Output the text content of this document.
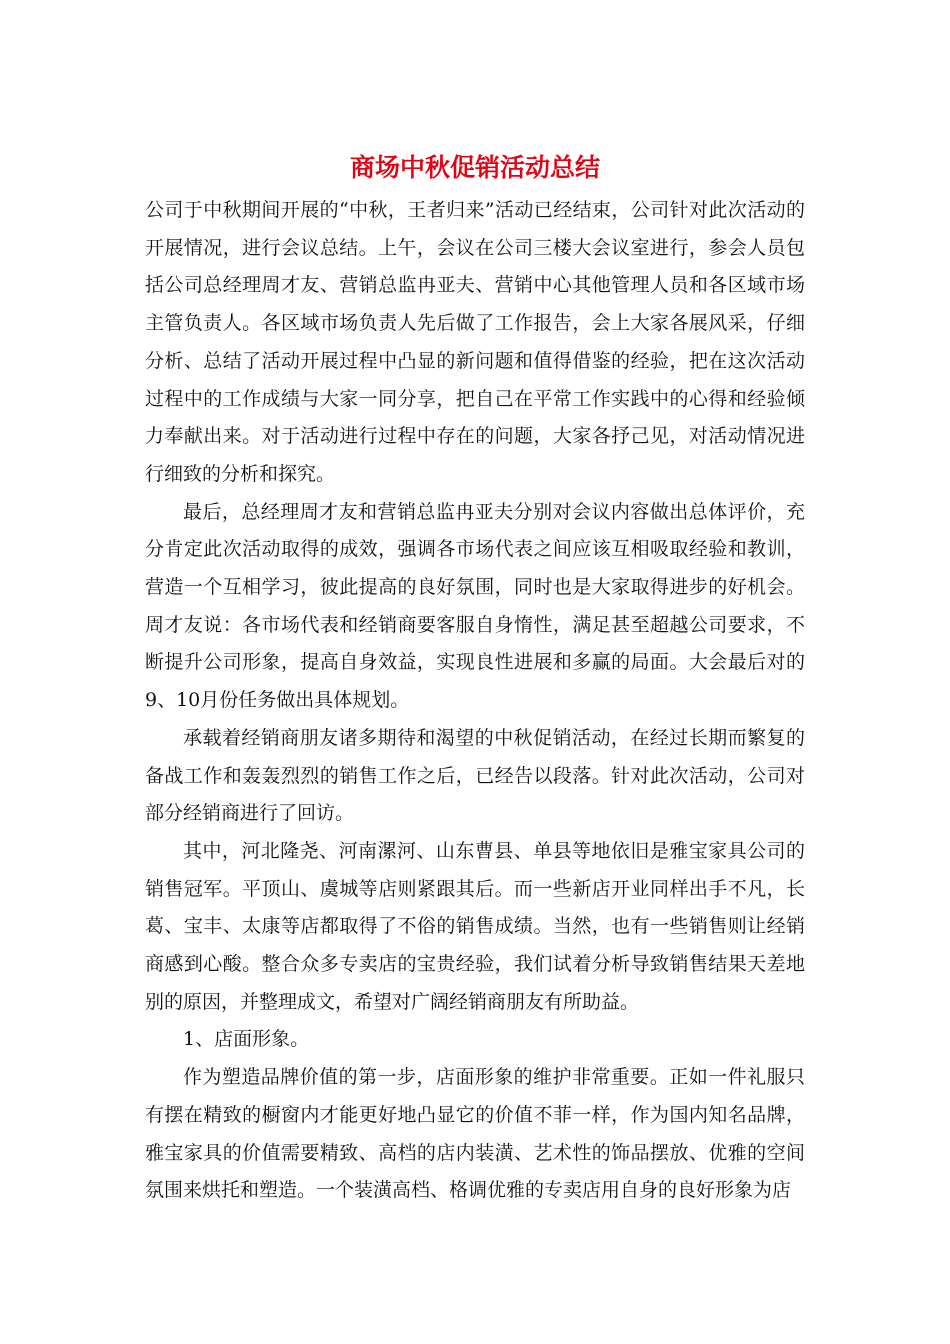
商场中秋促销活动总结

公司于中秋期间开展的“中秋，王者归来”活动已经结束，公司针对此次活动的开展情况，进行会议总结。上午，会议在公司三楼大会议室进行，参会人员包括公司总经理周才友、营销总监冉亚夫、营销中心其他管理人员和各区域市场主管负责人。各区域市场负责人先后做了工作报告，会上大家各展风采，仔细分析、总结了活动开展过程中凸显的新问题和值得借鉴的经验，把在这次活动过程中的工作成绩与大家一同分享，把自己在平常工作实践中的心得和经验倾力奉献出来。对于活动进行过程中存在的问题，大家各抒己见，对活动情况进行细致的分析和探究。

最后，总经理周才友和营销总监冉亚夫分别对会议内容做出总体评价，充分肯定此次活动取得的成效，强调各市场代表之间应该互相吸取经验和教训，营造一个互相学习，彼此提高的良好氛围，同时也是大家取得进步的好机会。周才友说：各市场代表和经销商要客服自身惰性，满足甚至超越公司要求，不断提升公司形象，提高自身效益，实现良性进展和多赢的局面。大会最后对的9、10月份任务做出具体规划。

承载着经销商朋友诸多期待和渴望的中秋促销活动，在经过长期而繁复的备战工作和轰轰烈烈的销售工作之后，已经告以段落。针对此次活动，公司对部分经销商进行了回访。

其中，河北隆尧、河南漯河、山东曹县、单县等地依旧是雅宝家具公司的销售冠军。平顶山、虞城等店则紧跟其后。而一些新店开业同样出手不凡，长葛、宝丰、太康等店都取得了不俗的销售成绩。当然，也有一些销售则让经销商感到心酸。整合众多专卖店的宝贵经验，我们试着分析导致销售结果天差地别的原因，并整理成文，希望对广阔经销商朋友有所助益。

1、店面形象。

作为塑造品牌价值的第一步，店面形象的维护非常重要。正如一件礼服只有摆在精致的橱窗内才能更好地凸显它的价值不菲一样，作为国内知名品牌，雅宝家具的价值需要精致、高档的店内装潢、艺术性的饰品摆放、优雅的空间氛围来烘托和塑造。一个装潢高档、格调优雅的专卖店用自身的良好形象为店
